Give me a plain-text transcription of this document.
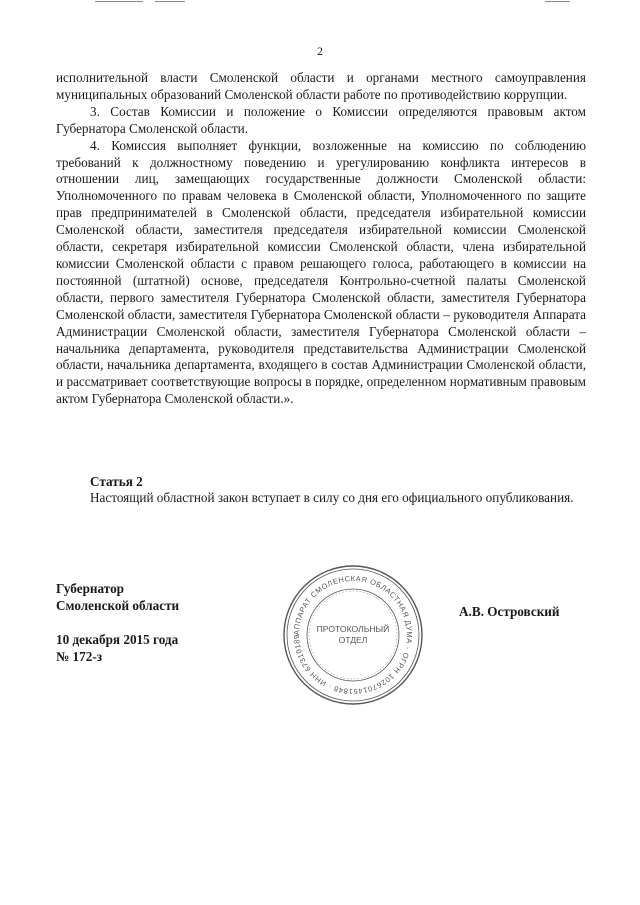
2

исполнительной власти Смоленской области и органами местного самоуправления муниципальных образований Смоленской области работе по противодействию коррупции.

3. Состав Комиссии и положение о Комиссии определяются правовым актом Губернатора Смоленской области.

4. Комиссия выполняет функции, возложенные на комиссию по соблюдению требований к должностному поведению и урегулированию конфликта интересов в отношении лиц, замещающих государственные должности Смоленской области: Уполномоченного по правам человека в Смоленской области, Уполномоченного по защите прав предпринимателей в Смоленской области, председателя избирательной комиссии Смоленской области, заместителя председателя избирательной комиссии Смоленской области, секретаря избирательной комиссии Смоленской области, члена избирательной комиссии Смоленской области с правом решающего голоса, работающего в комиссии на постоянной (штатной) основе, председателя Контрольно-счетной палаты Смоленской области, первого заместителя Губернатора Смоленской области, заместителя Губернатора Смоленской области, заместителя Губернатора Смоленской области – руководителя Аппарата Администрации Смоленской области, заместителя Губернатора Смоленской области – начальника департамента, руководителя представительства Администрации Смоленской области, начальника департамента, входящего в состав Администрации Смоленской области, и рассматривает соответствующие вопросы в порядке, определенном нормативным правовым актом Губернатора Смоленской области.».

Статья 2
Настоящий областной закон вступает в силу со дня его официального опубликования.
Губернатор
Смоленской области
10 декабря 2015 года
№ 172-з
А.В. Островский
АППАРАТ СМОЛЕНСКАЯ ОБЛАСТНАЯ ДУМА · ОГРН 1026701451848 · ИНН 67310189
ПРОТОКОЛЬНЫЙ
ОТДЕЛ
